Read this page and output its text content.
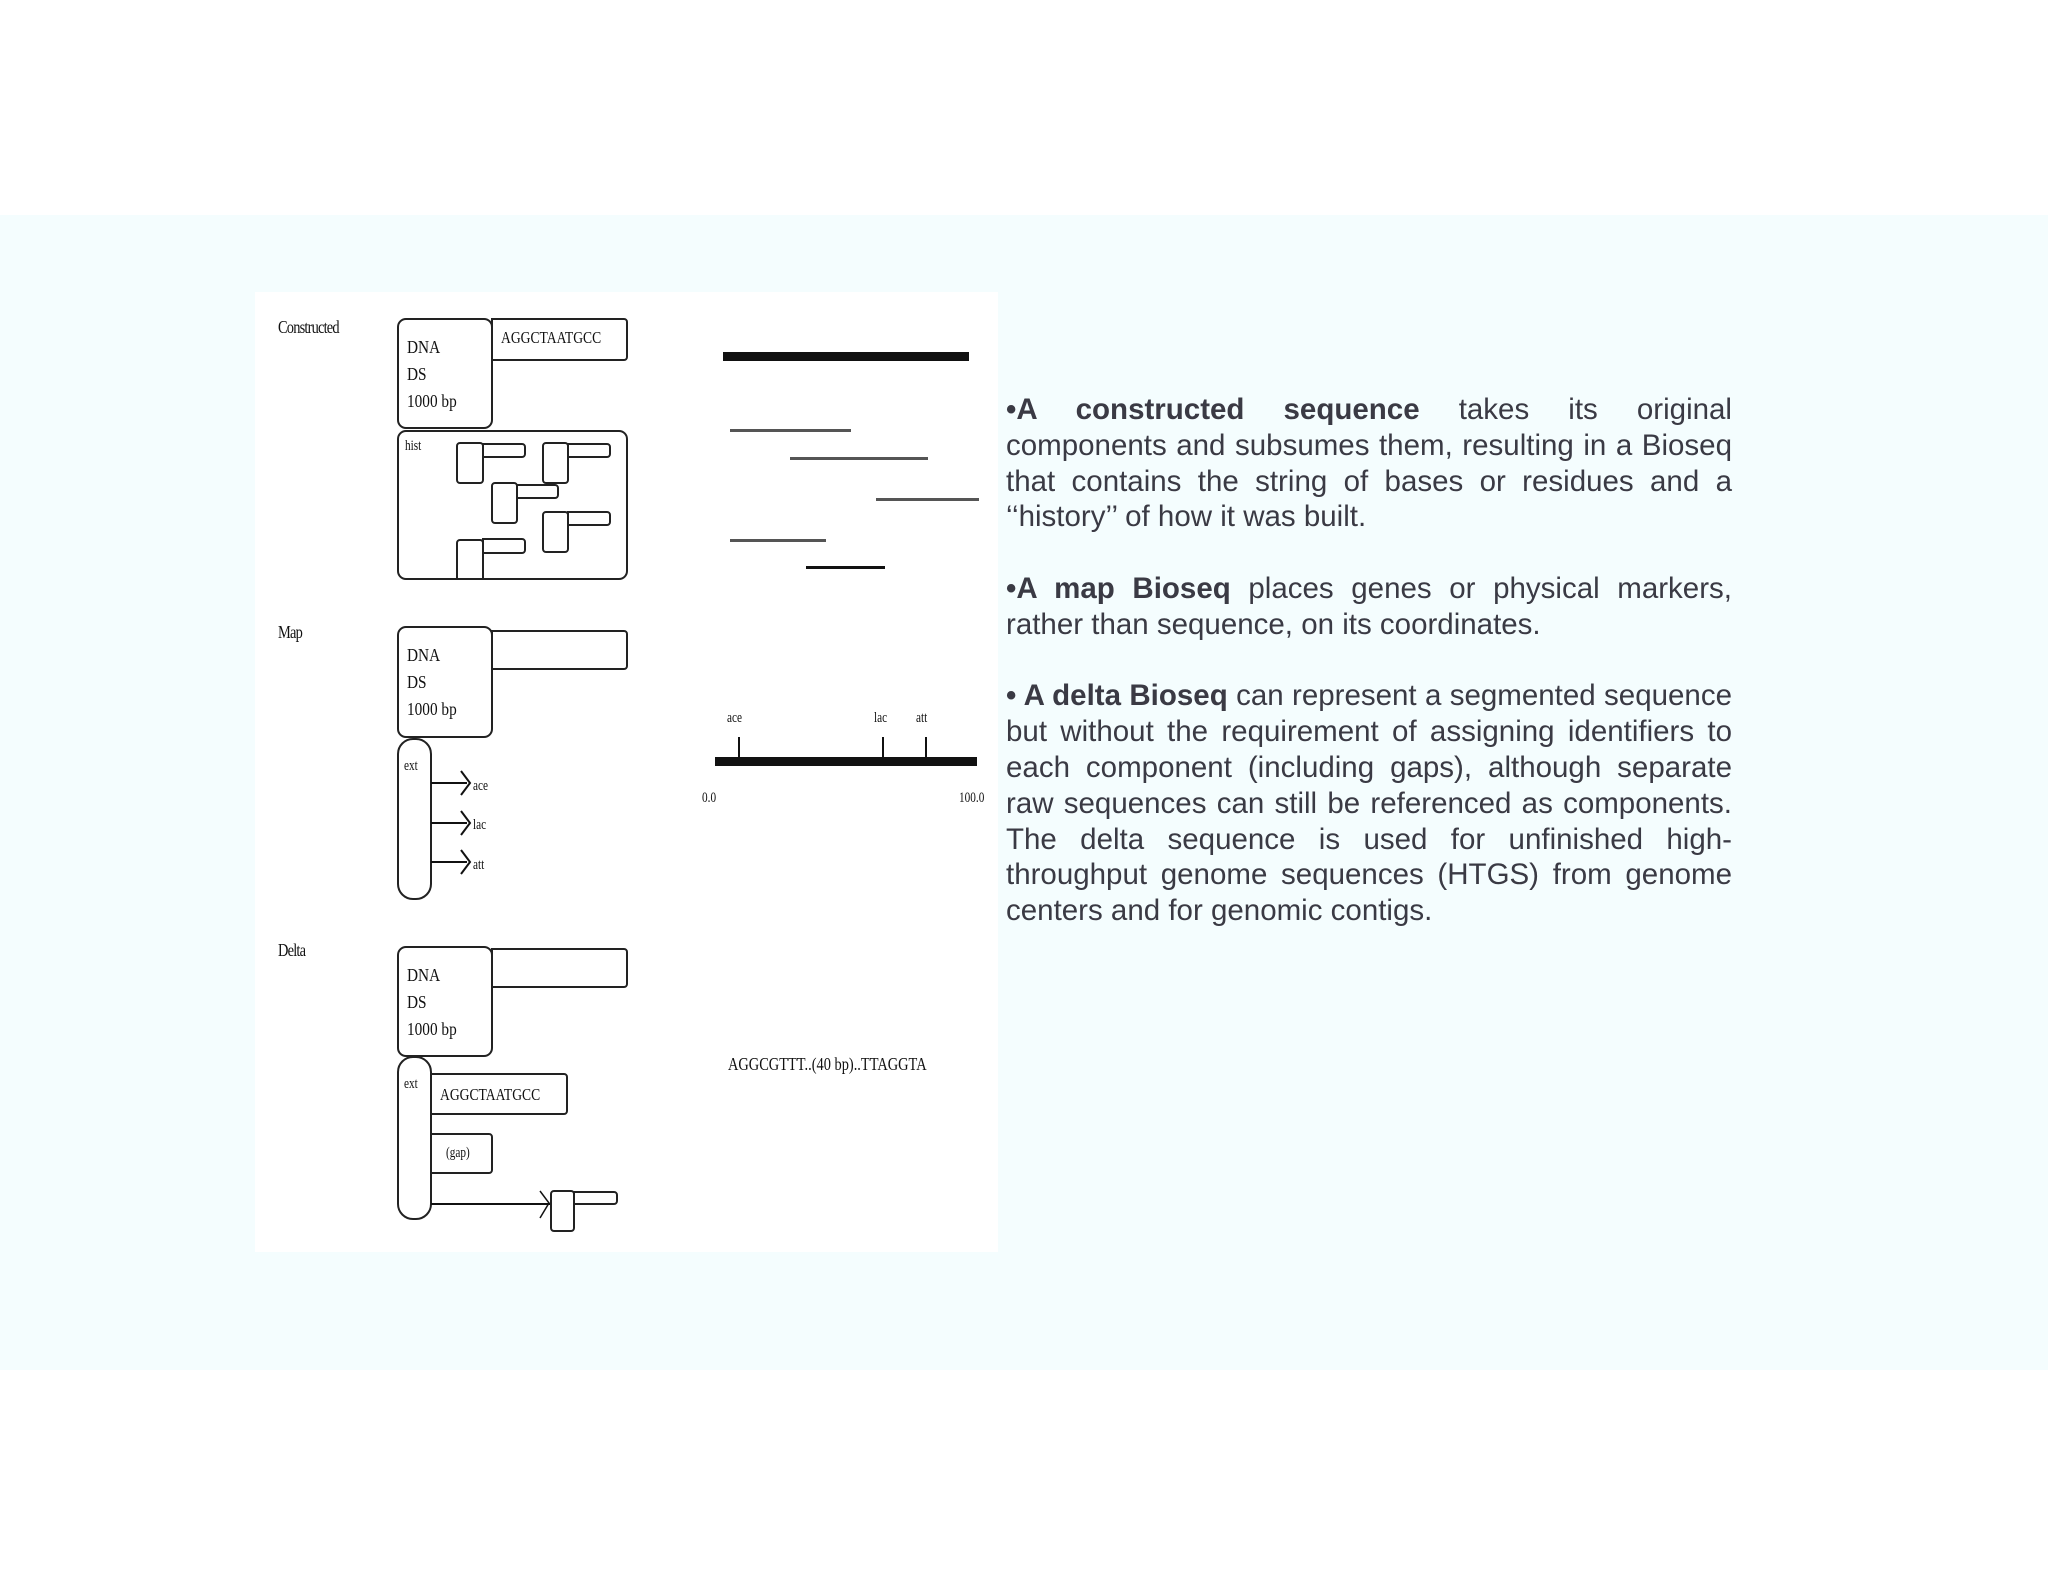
Constructed
DNA
DS
1000 bp
AGGCTAATGCC
hist
Map
DNA
DS
1000 bp
ext
ace
lac
att
ace	lac att
0.0	100.0
Delta
DNA
DS
1000 bp
ext
AGGCTAATGCC
(gap)
AGGCGTTT..(40 bp)..TTAGGTA

•A constructed sequence takes its original components and subsumes them, resulting in a Bioseq that contains the string of bases or residues and a ‘‘history’’ of how it was built.

•A map Bioseq places genes or physical markers, rather than sequence, on its coordinates.

• A delta Bioseq can represent a segmented sequence but without the requirement of assigning identifiers to each component (including gaps), although separate raw sequences can still be referenced as components. The delta sequence is used for unfinished high-throughput genome sequences (HTGS) from genome centers and for genomic contigs.
